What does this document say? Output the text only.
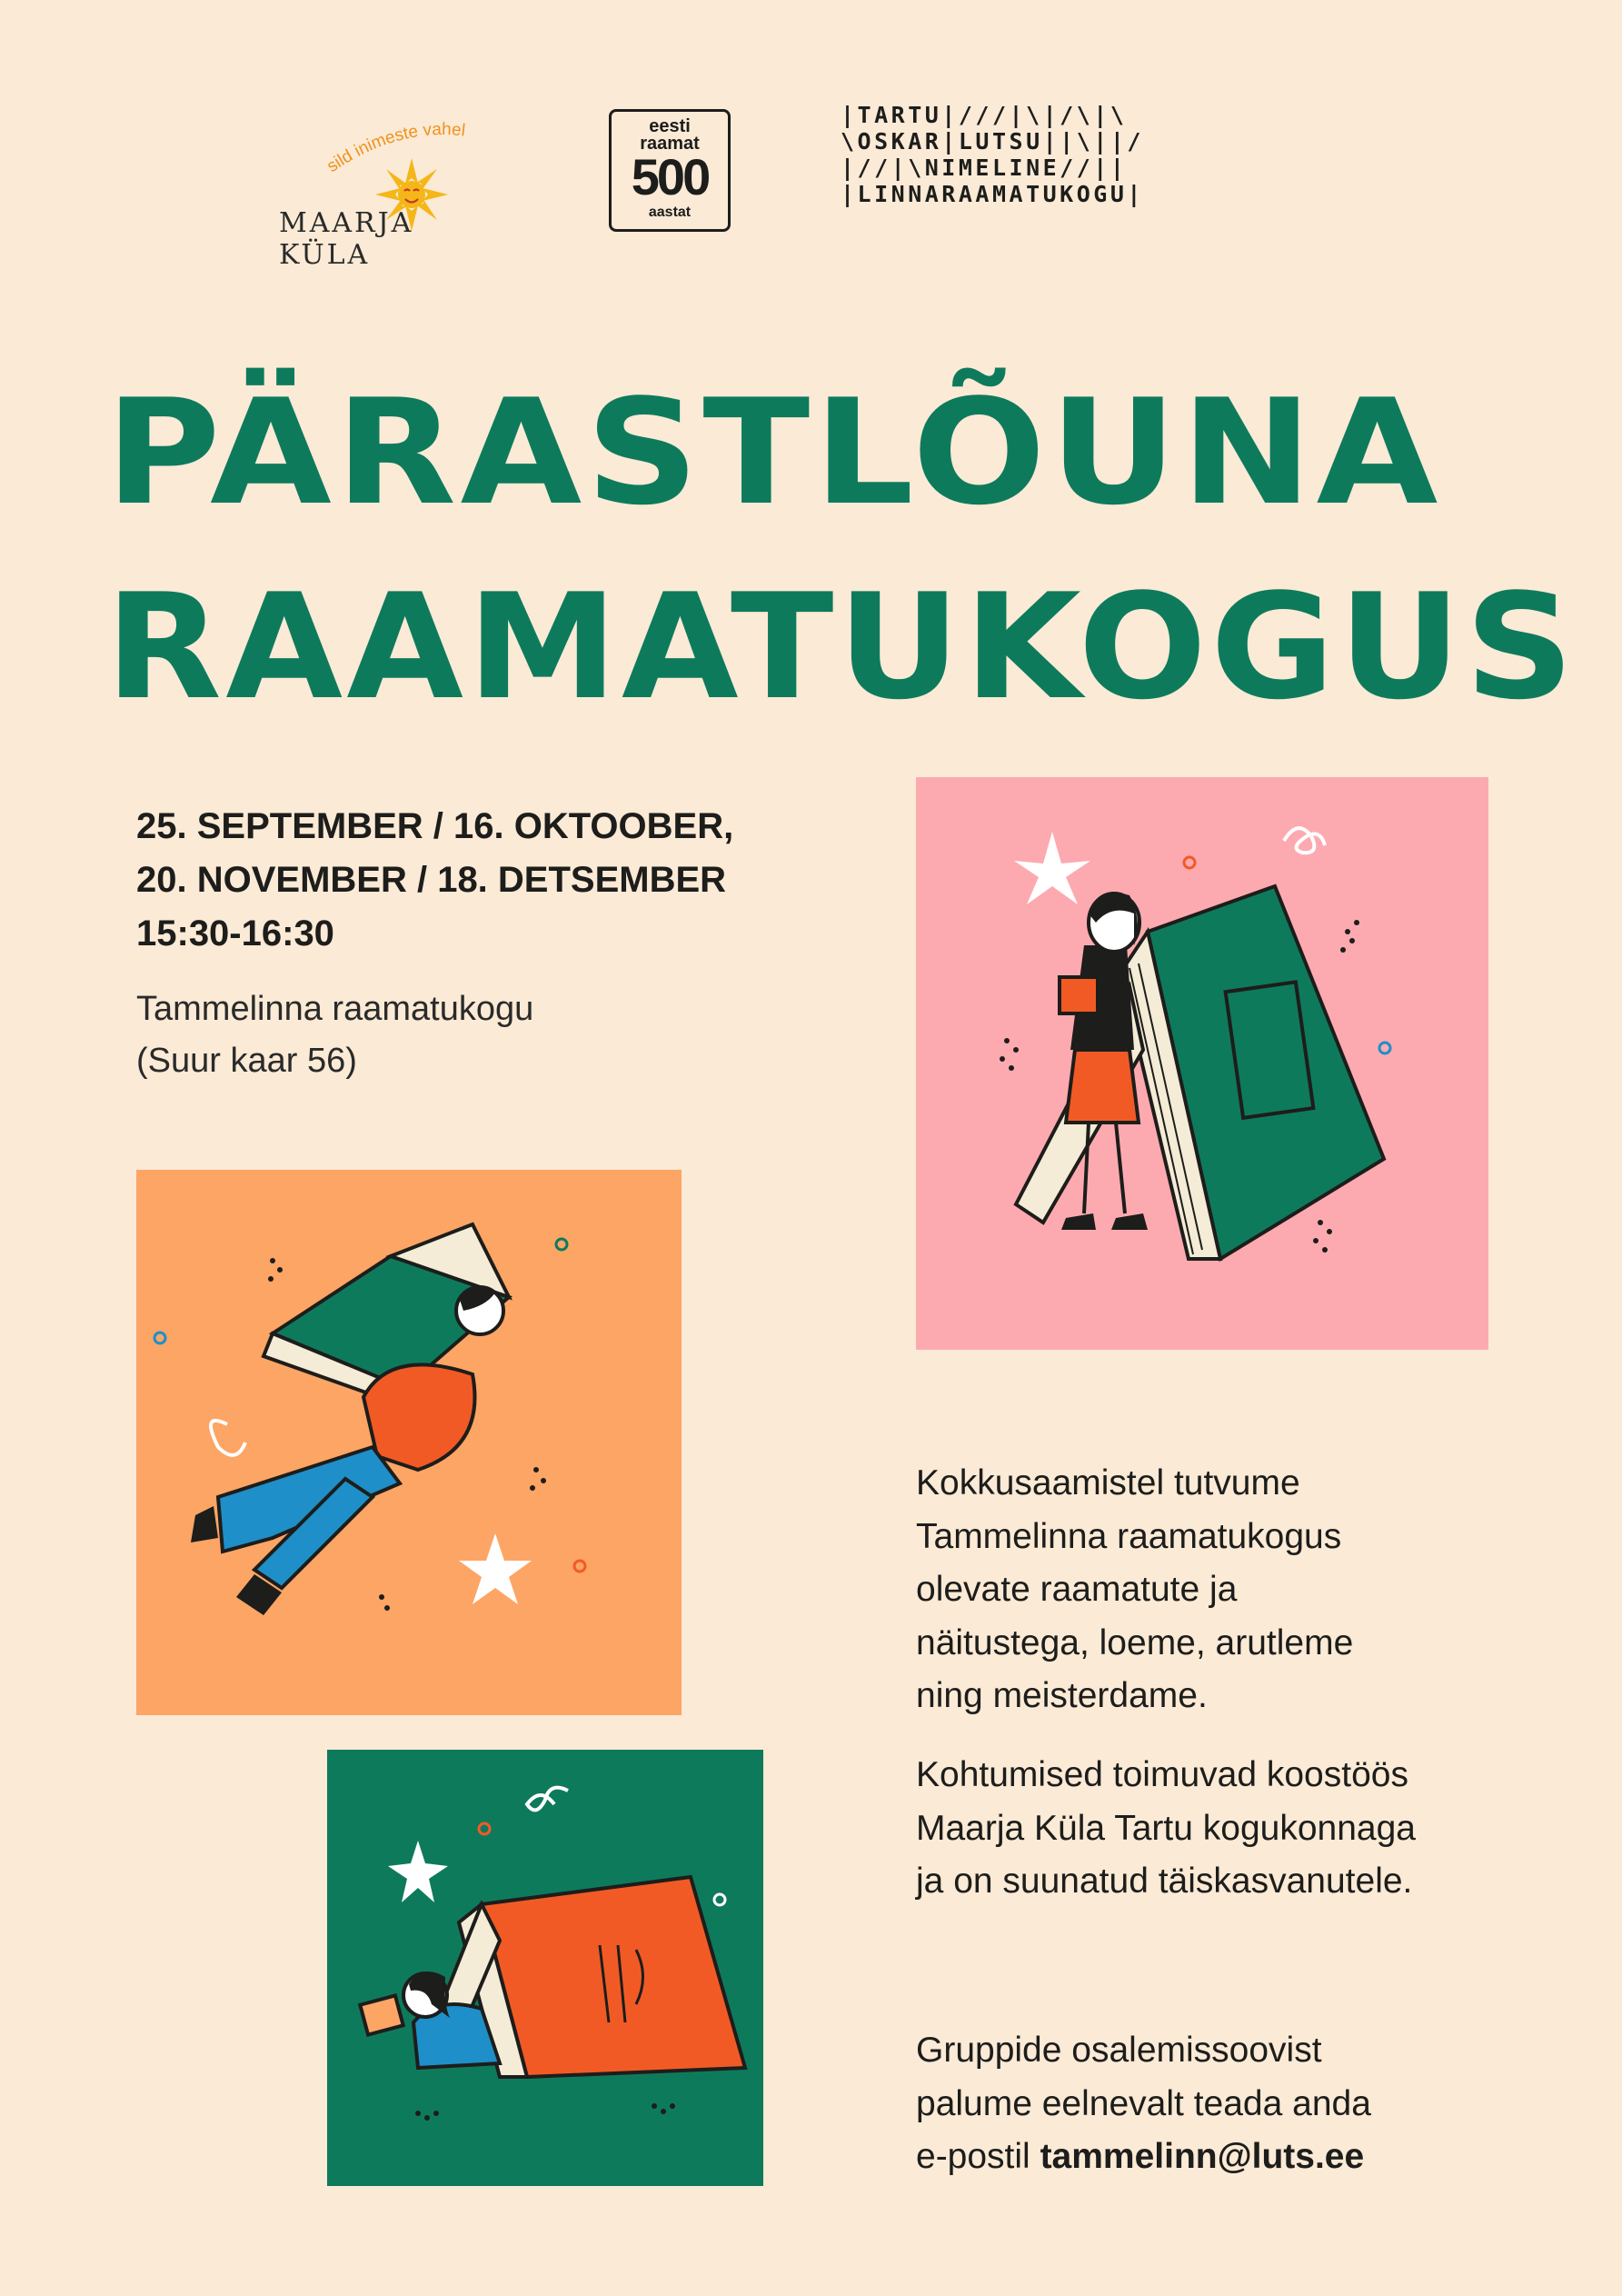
sild inimeste vahel
MAARJA KÜLA
eesti
raamat
500
aastat
|TARTU|///|\|/\|\
\OSKAR|LUTSU||\||/
|//|\NIMELINE//||
|LINNARAAMATUKOGU|
PÄRASTLÕUNA
RAAMATUKOGUS
25. SEPTEMBER / 16. OKTOOBER,
20. NOVEMBER / 18. DETSEMBER
15:30-16:30
Tammelinna raamatukogu
(Suur kaar 56)
Kokkusaamistel tutvume
Tammelinna raamatukogus
olevate raamatute ja
näitustega, loeme, arutleme
ning meisterdame.
Kohtumised toimuvad koostöös
Maarja Küla Tartu kogukonnaga
ja on suunatud täiskasvanutele.
Gruppide osalemissoovist
palume eelnevalt teada anda
e-postil tammelinn@luts.ee
